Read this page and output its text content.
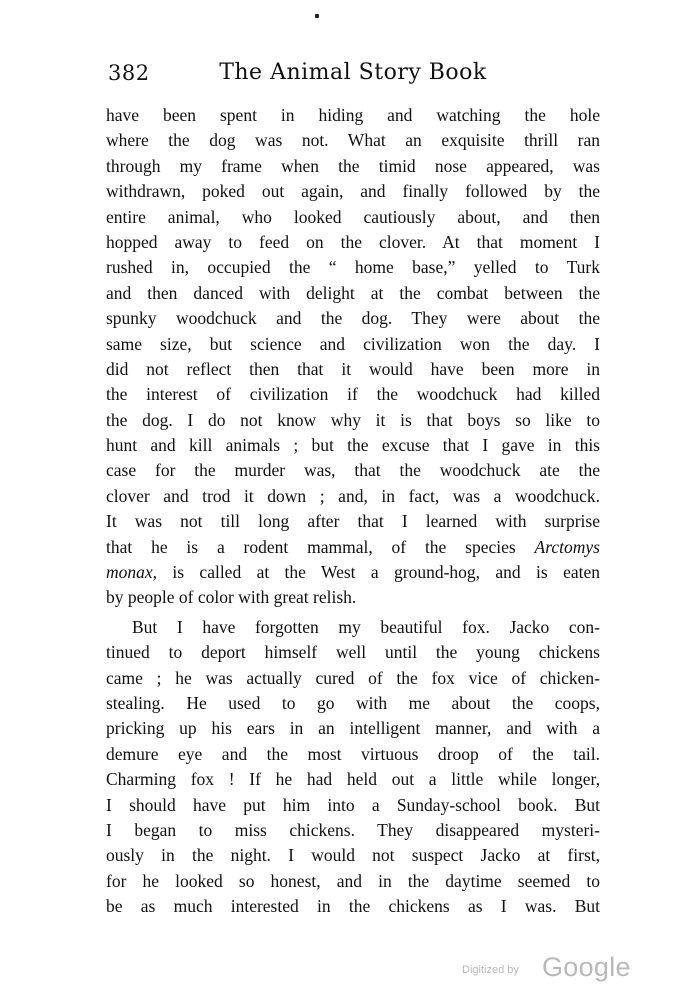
382	The Animal Story Book
have been spent in hiding and watching the hole
where the dog was not. What an exquisite thrill ran
through my frame when the timid nose appeared, was
withdrawn, poked out again, and finally followed by the
entire animal, who looked cautiously about, and then
hopped away to feed on the clover. At that moment I
rushed in, occupied the “ home base,” yelled to Turk
and then danced with delight at the combat between the
spunky woodchuck and the dog. They were about the
same size, but science and civilization won the day. I
did not reflect then that it would have been more in
the interest of civilization if the woodchuck had killed
the dog. I do not know why it is that boys so like to
hunt and kill animals ; but the excuse that I gave in this
case for the murder was, that the woodchuck ate the
clover and trod it down ; and, in fact, was a woodchuck.
It was not till long after that I learned with surprise
that he is a rodent mammal, of the species Arctomys
monax, is called at the West a ground-hog, and is eaten
by people of color with great relish.
But I have forgotten my beautiful fox. Jacko con-
tinued to deport himself well until the young chickens
came ; he was actually cured of the fox vice of chicken-
stealing. He used to go with me about the coops,
pricking up his ears in an intelligent manner, and with a
demure eye and the most virtuous droop of the tail.
Charming fox ! If he had held out a little while longer,
I should have put him into a Sunday-school book. But
I began to miss chickens. They disappeared mysteri-
ously in the night. I would not suspect Jacko at first,
for he looked so honest, and in the daytime seemed to
be as much interested in the chickens as I was. But
Digitized by Google
